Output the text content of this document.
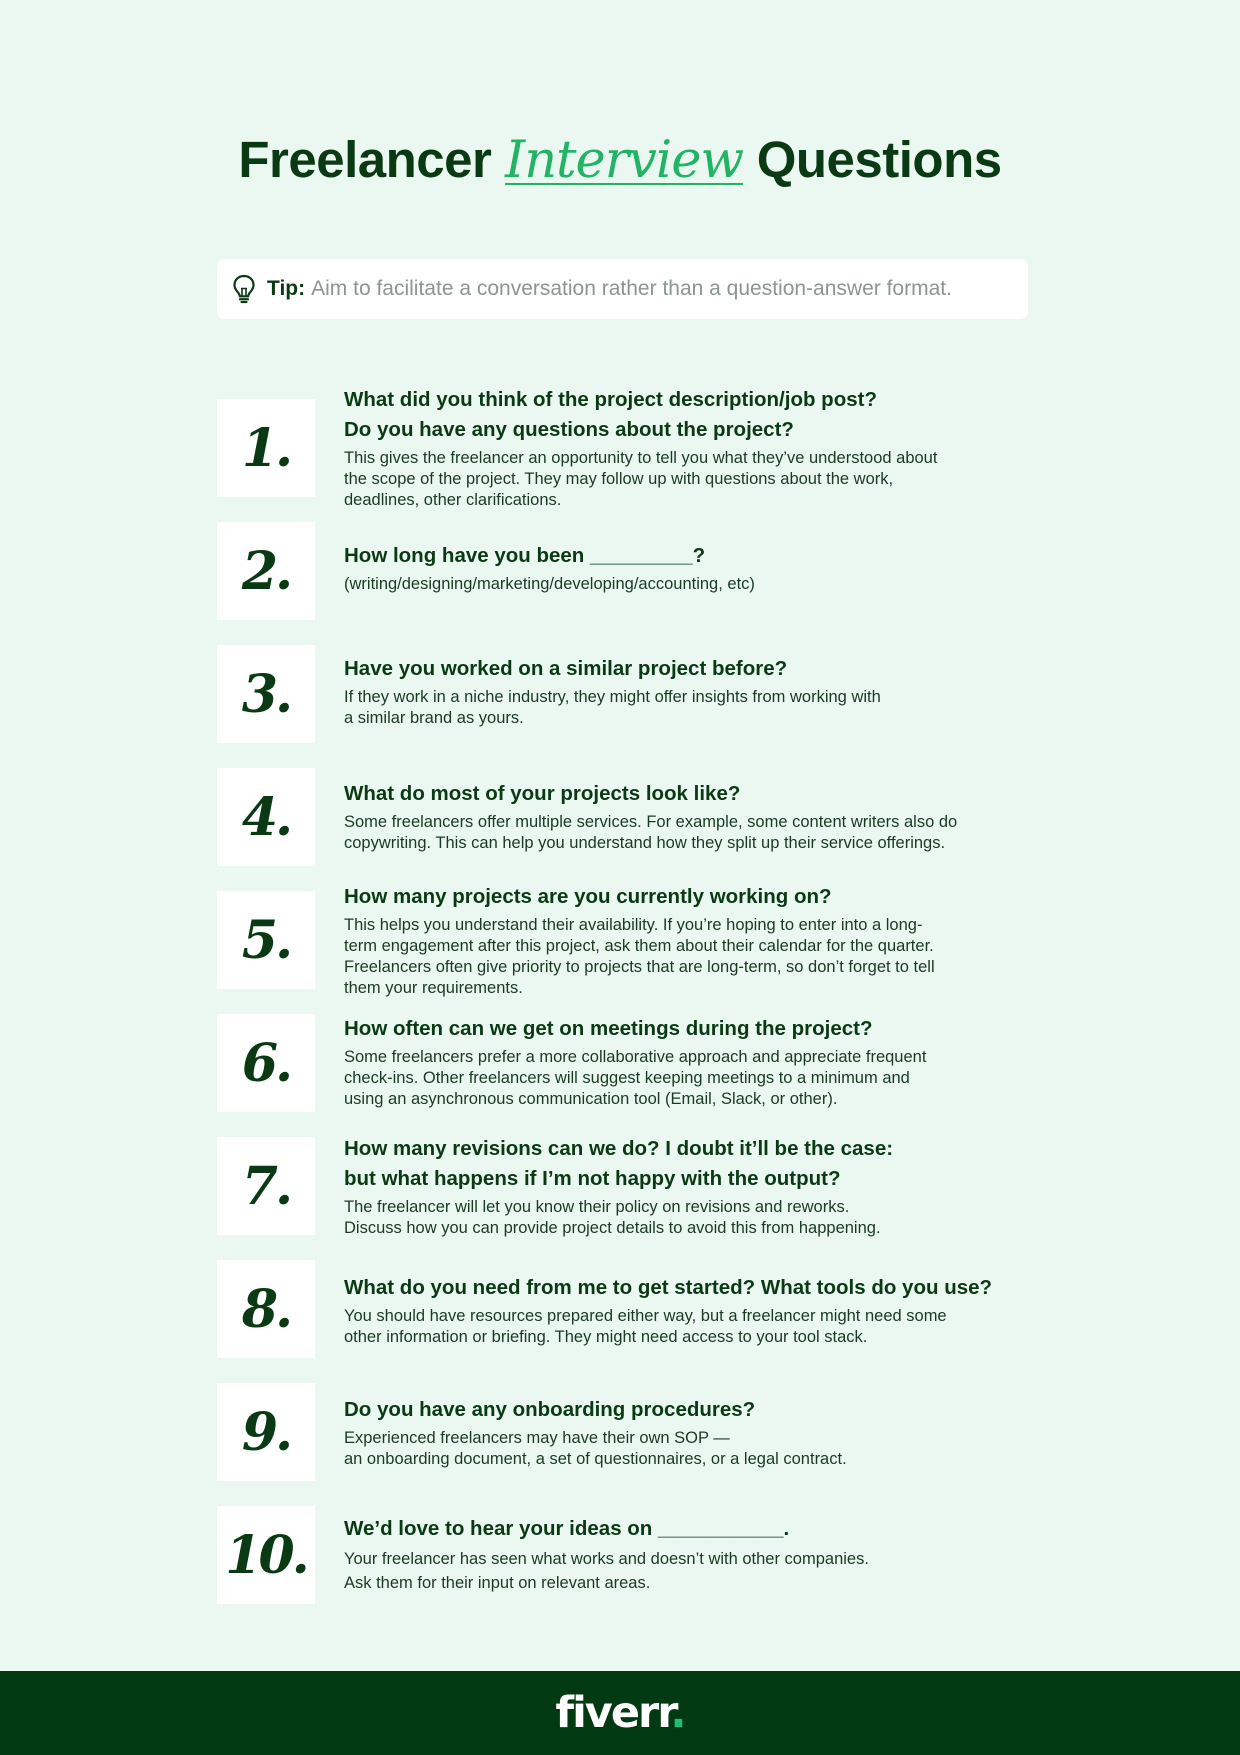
Freelancer Interview Questions
Tip: Aim to facilitate a conversation rather than a question-answer format.
1.
What did you think of the project description/job post?
Do you have any questions about the project?
This gives the freelancer an opportunity to tell you what they’ve understood about
the scope of the project. They may follow up with questions about the work,
deadlines, other clarifications.
2.	How long have you been _________?
(writing/designing/marketing/developing/accounting, etc)
3.	Have you worked on a similar project before?
If they work in a niche industry, they might offer insights from working with
a similar brand as yours.
4.	What do most of your projects look like?
Some freelancers offer multiple services. For example, some content writers also do
copywriting. This can help you understand how they split up their service offerings.
5.
How many projects are you currently working on?
This helps you understand their availability. If you’re hoping to enter into a long-
term engagement after this project, ask them about their calendar for the quarter.
Freelancers often give priority to projects that are long-term, so don’t forget to tell
them your requirements.
6.
How often can we get on meetings during the project?
Some freelancers prefer a more collaborative approach and appreciate frequent
check-ins. Other freelancers will suggest keeping meetings to a minimum and
using an asynchronous communication tool (Email, Slack, or other).
7.
How many revisions can we do? I doubt it’ll be the case:
but what happens if I’m not happy with the output?
The freelancer will let you know their policy on revisions and reworks.
Discuss how you can provide project details to avoid this from happening.
8.	What do you need from me to get started? What tools do you use?
You should have resources prepared either way, but a freelancer might need some
other information or briefing. They might need access to your tool stack.
9.	Do you have any onboarding procedures?
Experienced freelancers may have their own SOP —
an onboarding document, a set of questionnaires, or a legal contract.
10.	We’d love to hear your ideas on ___________.
Your freelancer has seen what works and doesn’t with other companies.
Ask them for their input on relevant areas.
fiverr.
